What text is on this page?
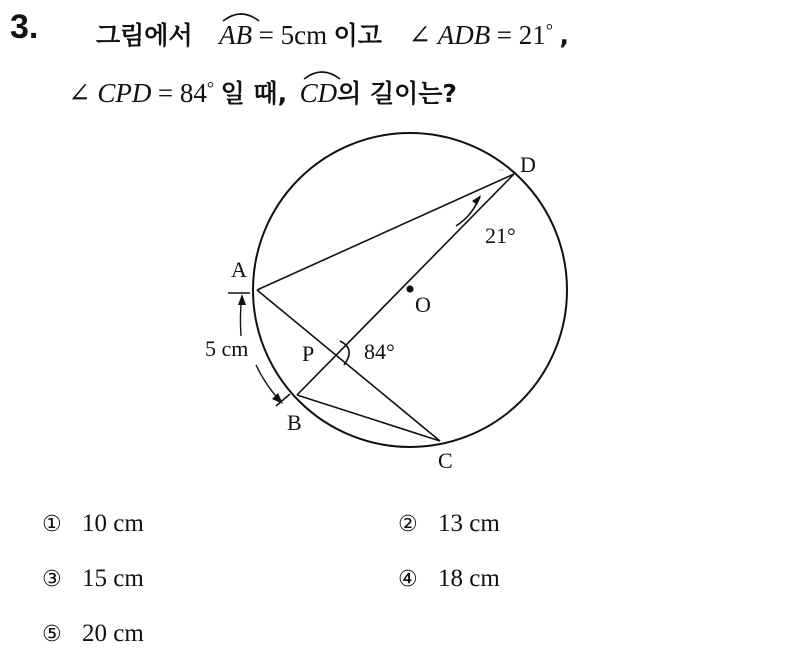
3. 그림에서 AB = 5cm 이고 ∠ ADB = 21° ,
∠ CPD = 84° 일 때, CD의 길이는?
A
B
C
D
O
P
21°
84°
5 cm
① 10 cm	② 13 cm
③ 15 cm	④ 18 cm
⑤ 20 cm
